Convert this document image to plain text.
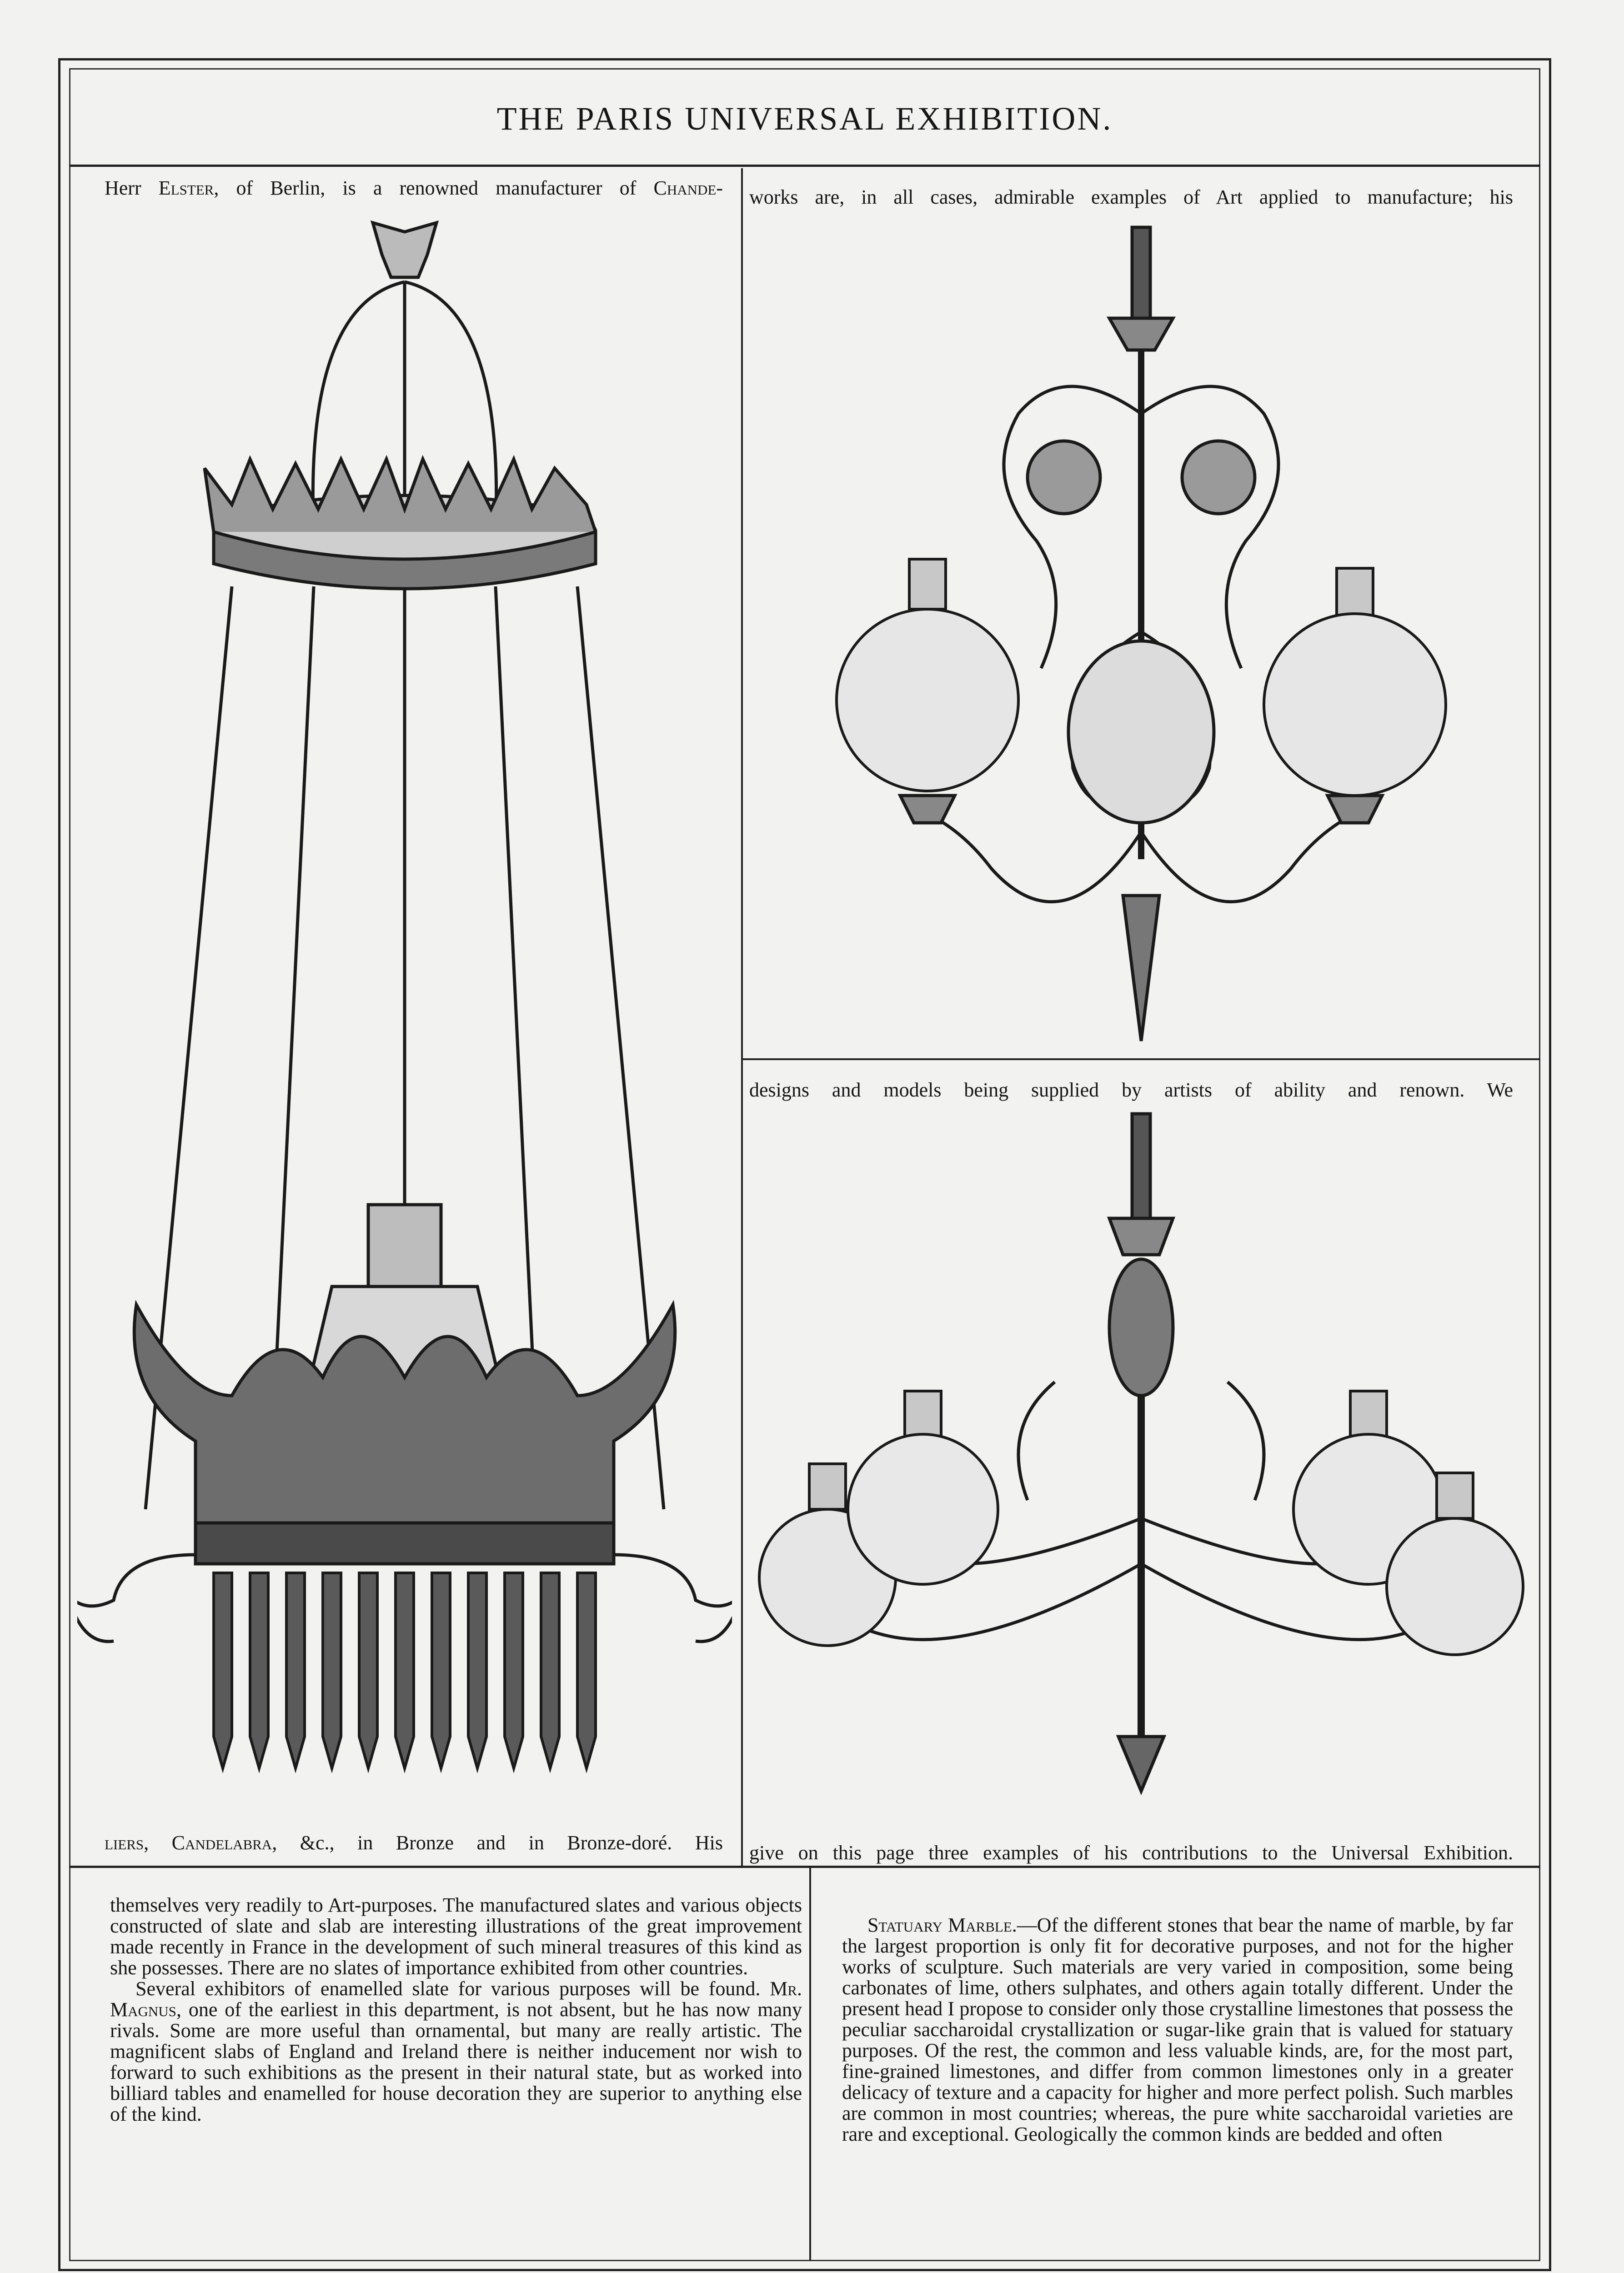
THE PARIS UNIVERSAL EXHIBITION.
Herr Elster, of Berlin, is a renowned manufacturer of Chande- works are, in all cases, admirable examples of Art applied to manufacture; his
designs and models being supplied by artists of ability and renown. We
liers, Candelabra, &c., in Bronze and in Bronze-doré. His give on this page three examples of his contributions to the Universal Exhibition.

themselves very readily to Art-purposes. The manufactured slates and various objects constructed of slate and slab are interesting illustrations of the great improvement made recently in France in the development of such mineral treasures of this kind as she possesses. There are no slates of importance exhibited from other countries.

Several exhibitors of enamelled slate for various purposes will be found. Mr. Magnus, one of the earliest in this department, is not absent, but he has now many rivals. Some are more useful than ornamental, but many are really artistic. The magnificent slabs of England and Ireland there is neither inducement nor wish to forward to such exhibitions as the present in their natural state, but as worked into billiard tables and enamelled for house decoration they are superior to anything else of the kind.

Statuary Marble.—Of the different stones that bear the name of marble, by far the largest proportion is only fit for decorative purposes, and not for the higher works of sculpture. Such materials are very varied in composition, some being carbonates of lime, others sulphates, and others again totally different. Under the present head I propose to consider only those crystalline limestones that possess the peculiar saccharoidal crystallization or sugar-like grain that is valued for statuary purposes. Of the rest, the common and less valuable kinds, are, for the most part, fine-grained limestones, and differ from common limestones only in a greater delicacy of texture and a capacity for higher and more perfect polish. Such marbles are common in most countries; whereas, the pure white saccharoidal varieties are rare and exceptional. Geologically the common kinds are bedded and often
